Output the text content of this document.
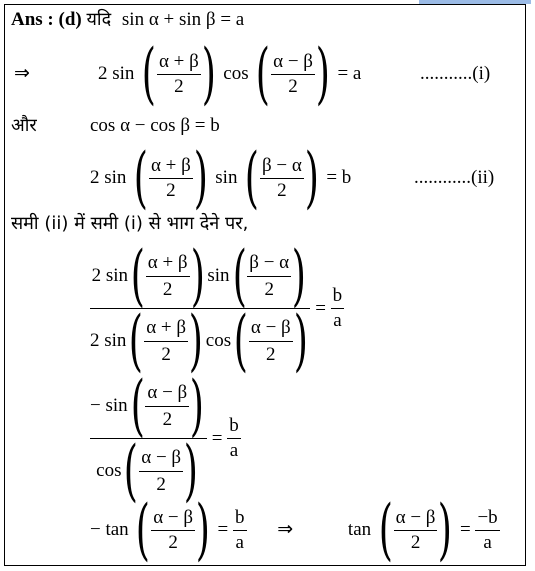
Ans : (d) यदि sin α + sin β = a
⇒	2 sin ( $\frac{\alpha + \beta}{2}$ ) cos ( $\frac{\alpha - \beta}{2}$ ) = a	...........(i)
और	cos α − cos β = b
2 sin ( $\frac{\alpha + \beta}{2}$ ) sin ( $\frac{\beta - \alpha}{2}$ ) = b	............(ii)
समी (ii) में समी (i) से भाग देने पर,
$\frac{2 \sin( \frac{\alpha + \beta}{2} ) \sin( \frac{\beta - \alpha}{2} )}{2 \sin( \frac{\alpha + \beta}{2} ) \cos( \frac{\alpha - \beta}{2} )} = \frac{b}{a}$
$\frac{- \sin( \frac{\alpha - \beta}{2} )}{\cos( \frac{\alpha - \beta}{2} )} = \frac{b}{a}$
− tan ( $\frac{\alpha - \beta}{2}$ ) = $\frac{b}{a}$ ⇒	tan ( $\frac{\alpha - \beta}{2}$ ) = $\frac{-b}{a}$
